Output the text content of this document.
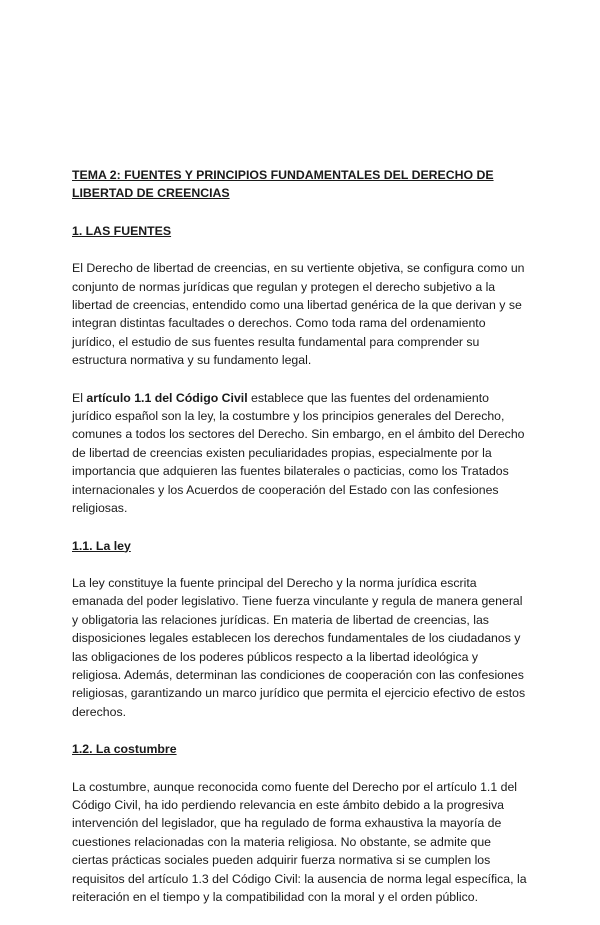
TEMA 2: FUENTES Y PRINCIPIOS FUNDAMENTALES DEL DERECHO DE LIBERTAD DE CREENCIAS
1. LAS FUENTES
El Derecho de libertad de creencias, en su vertiente objetiva, se configura como un conjunto de normas jurídicas que regulan y protegen el derecho subjetivo a la libertad de creencias, entendido como una libertad genérica de la que derivan y se integran distintas facultades o derechos. Como toda rama del ordenamiento jurídico, el estudio de sus fuentes resulta fundamental para comprender su estructura normativa y su fundamento legal.
El artículo 1.1 del Código Civil establece que las fuentes del ordenamiento jurídico español son la ley, la costumbre y los principios generales del Derecho, comunes a todos los sectores del Derecho. Sin embargo, en el ámbito del Derecho de libertad de creencias existen peculiaridades propias, especialmente por la importancia que adquieren las fuentes bilaterales o pacticias, como los Tratados internacionales y los Acuerdos de cooperación del Estado con las confesiones religiosas.
1.1. La ley
La ley constituye la fuente principal del Derecho y la norma jurídica escrita emanada del poder legislativo. Tiene fuerza vinculante y regula de manera general y obligatoria las relaciones jurídicas. En materia de libertad de creencias, las disposiciones legales establecen los derechos fundamentales de los ciudadanos y las obligaciones de los poderes públicos respecto a la libertad ideológica y religiosa. Además, determinan las condiciones de cooperación con las confesiones religiosas, garantizando un marco jurídico que permita el ejercicio efectivo de estos derechos.
1.2. La costumbre
La costumbre, aunque reconocida como fuente del Derecho por el artículo 1.1 del Código Civil, ha ido perdiendo relevancia en este ámbito debido a la progresiva intervención del legislador, que ha regulado de forma exhaustiva la mayoría de cuestiones relacionadas con la materia religiosa. No obstante, se admite que ciertas prácticas sociales pueden adquirir fuerza normativa si se cumplen los requisitos del artículo 1.3 del Código Civil: la ausencia de norma legal específica, la reiteración en el tiempo y la compatibilidad con la moral y el orden público.
